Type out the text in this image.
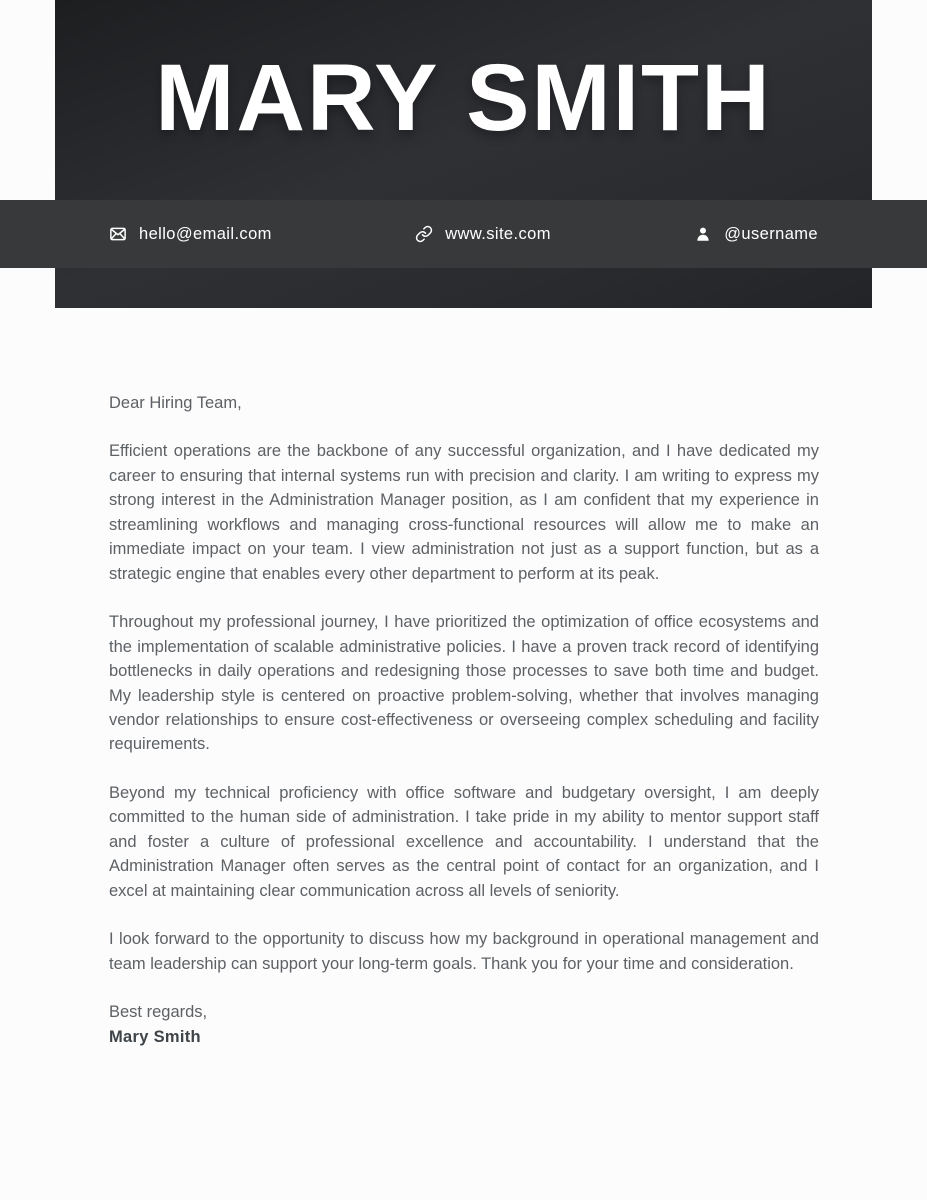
MARY SMITH
hello@email.com	www.site.com	@username

Dear Hiring Team,

Efficient operations are the backbone of any successful organization, and I have dedicated my career to ensuring that internal systems run with precision and clarity. I am writing to express my strong interest in the Administration Manager position, as I am confident that my experience in streamlining workflows and managing cross-functional resources will allow me to make an immediate impact on your team. I view administration not just as a support function, but as a strategic engine that enables every other department to perform at its peak.

Throughout my professional journey, I have prioritized the optimization of office ecosystems and the implementation of scalable administrative policies. I have a proven track record of identifying bottlenecks in daily operations and redesigning those processes to save both time and budget. My leadership style is centered on proactive problem-solving, whether that involves managing vendor relationships to ensure cost-effectiveness or overseeing complex scheduling and facility requirements.

Beyond my technical proficiency with office software and budgetary oversight, I am deeply committed to the human side of administration. I take pride in my ability to mentor support staff and foster a culture of professional excellence and accountability. I understand that the Administration Manager often serves as the central point of contact for an organization, and I excel at maintaining clear communication across all levels of seniority.

I look forward to the opportunity to discuss how my background in operational management and team leadership can support your long-term goals. Thank you for your time and consideration.

Best regards,

Mary Smith
